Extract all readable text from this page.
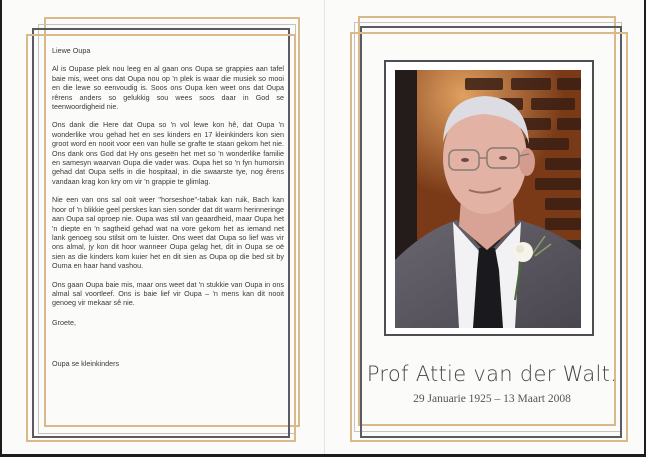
Liewe Oupa

Al is Oupase plek nou leeg en al gaan ons Oupa se grappies aan tafel baie mis, weet ons dat Oupa nou op 'n plek is waar die musiek so mooi en die lewe so eenvoudig is. Soos ons Oupa ken weet ons dat Oupa rêrens anders so gelukkig sou wees soos daar in God se teenwoordigheid nie.

Ons dank die Here dat Oupa so 'n vol lewe kon hê, dat Oupa 'n wonderlike vrou gehad het en ses kinders en 17 kleinkinders kon sien groot word en nooit voor een van hulle se grafte te staan gekom het nie. Ons dank ons God dat Hy ons geseën het met so 'n wonderlike familie en samesyn waarvan Oupa die vader was. Oupa het so 'n fyn humorsin gehad dat Oupa selfs in die hospitaal, in die swaarste tye, nog êrens vandaan krag kon kry om vir 'n grappie te glimlag.

Nie een van ons sal ooit weer "horseshoe"-tabak kan ruik, Bach kan hoor of 'n blikkie geel perskes kan sien sonder dat dit warm herinneringe aan Oupa sal oproep nie. Oupa was stil van geaardheid, maar Oupa het 'n diepte en 'n sagtheid gehad wat na vore gekom het as iemand net lank genoeg sou stilsit om te luister. Ons weet dat Oupa so lief was vir ons almal, jy kon dit hoor wanneer Oupa gelag het, dit in Oupa se oë sien as die kinders kom kuier het en dit sien as Oupa op die bed sit by Ouma en haar hand vashou.

Ons gaan Oupa baie mis, maar ons weet dat 'n stukkie van Oupa in ons almal sal voortleef. Ons is baie lief vir Oupa – 'n mens kan dit nooit genoeg vir mekaar sê nie.

Groete,

Oupa se kleinkinders	Prof Attie van der Walt.
29 Januarie 1925 – 13 Maart 2008
